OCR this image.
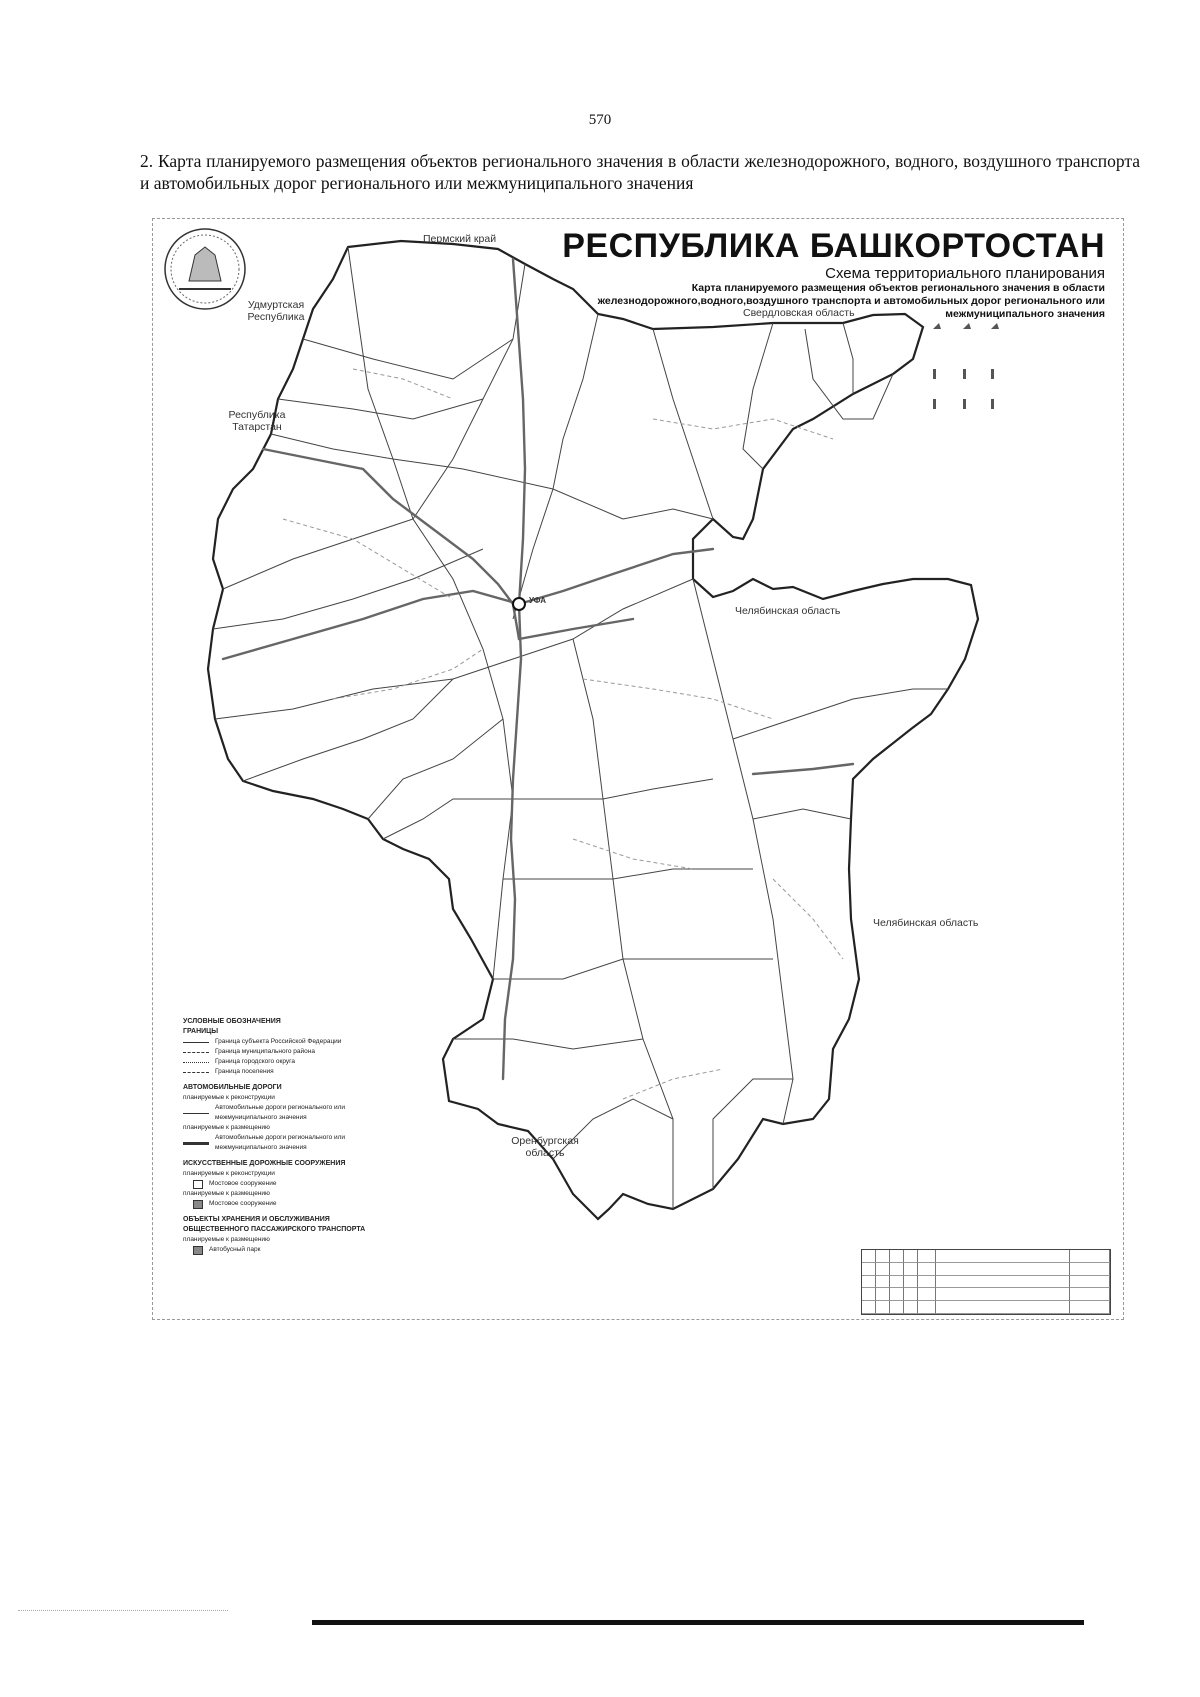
570
2. Карта планируемого размещения объектов регионального значения в области железнодорожного, водного, воздушного транспорта и автомобильных дорог регионального или межмуниципального значения
РЕСПУБЛИКА БАШКОРТОСТАН
Схема территориального планирования
Карта планируемого размещения объектов регионального значения в области железнодорожного,водного,воздушного транспорта и автомобильных дорог регионального или межмуниципального значения
Пермский край
Удмуртская Республика
Республика Татарстан
Свердловская область
Челябинская область
Челябинская область
Оренбургская область
УФА
УСЛОВНЫЕ ОБОЗНАЧЕНИЯ
ГРАНИЦЫ
Граница субъекта Российской Федерации
Граница муниципального района
Граница городского округа
Граница поселения
АВТОМОБИЛЬНЫЕ ДОРОГИ
планируемые к реконструкции
Автомобильные дороги регионального или межмуниципального значения
планируемые к размещению
Автомобильные дороги регионального или межмуниципального значения
ИСКУССТВЕННЫЕ ДОРОЖНЫЕ СООРУЖЕНИЯ
планируемые к реконструкции
Мостовое сооружение
планируемые к размещению
Мостовое сооружение
ОБЪЕКТЫ ХРАНЕНИЯ И ОБСЛУЖИВАНИЯ ОБЩЕСТВЕННОГО ПАССАЖИРСКОГО ТРАНСПОРТА
планируемые к размещению
Автобусный парк
